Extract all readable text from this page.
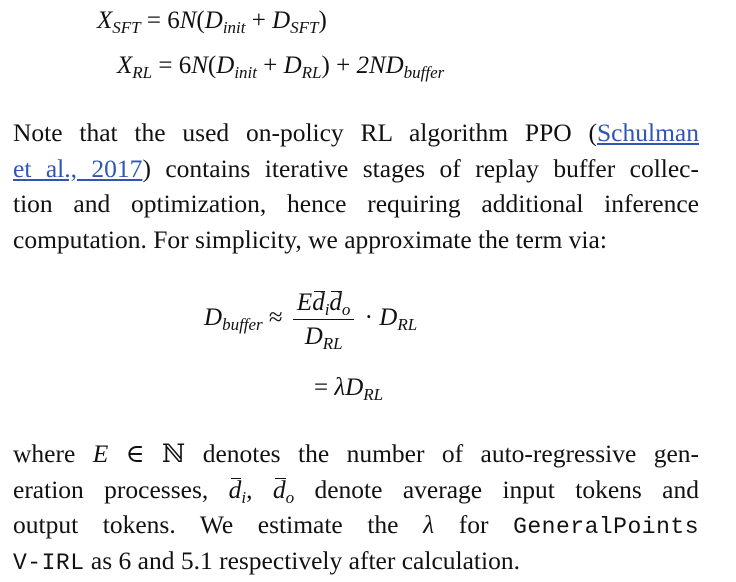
$X_{SFT} = 6N(D_{init} + D_{SFT})$
$X_{RL} = 6N(D_{init} + D_{RL}) + 2ND_{buffer}$
Note that the used on-policy RL algorithm PPO (Schulman
et al., 2017) contains iterative stages of replay buffer collec-
tion and optimization, hence requiring additional inference
computation. For simplicity, we approximate the term via:
$D_{buffer} \approx \frac{Ed_id_o}{D_{RL}} \cdot D_{RL}$
= $\lambda D_{RL}$
where E ∈ ℕ denotes the number of auto-regressive gen-
eration processes, $d_i$, $d_o$ denote average input tokens and
output tokens. We estimate the λ for GeneralPoints
V-IRL as 6 and 5.1 respectively after calculation.
